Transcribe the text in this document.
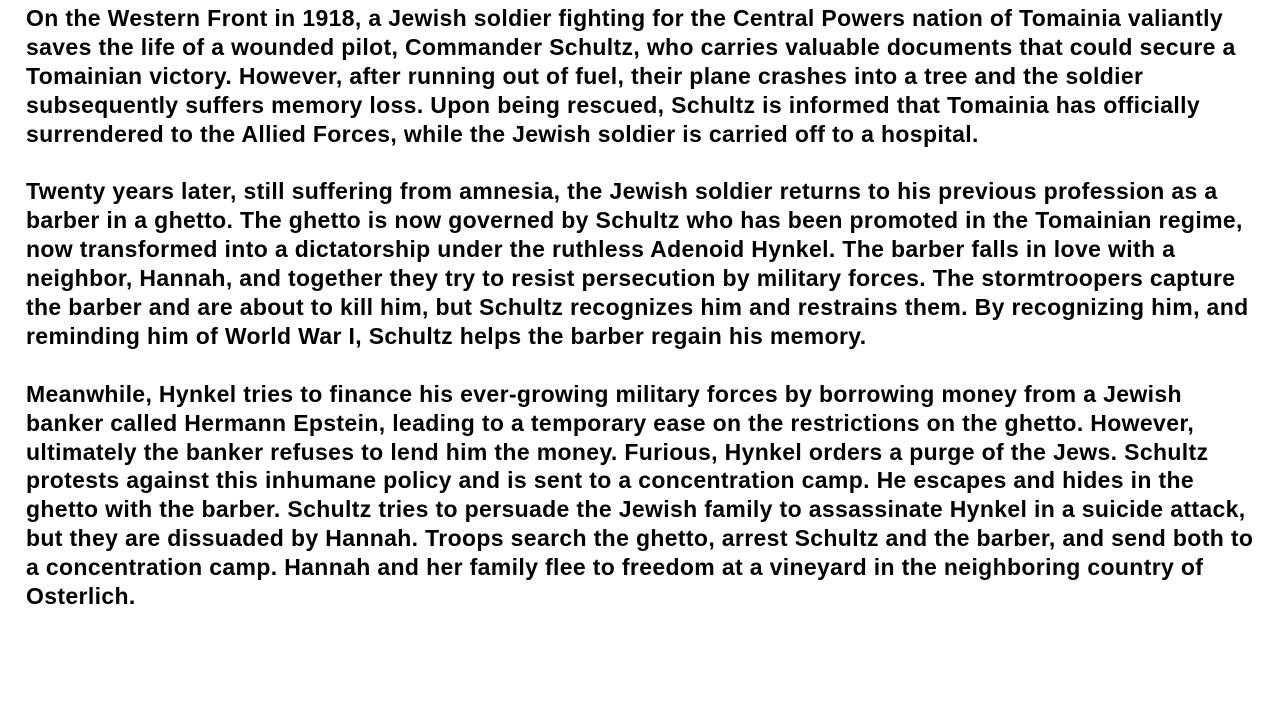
On the Western Front in 1918, a Jewish soldier fighting for the Central Powers nation of Tomainia valiantly saves the life of a wounded pilot, Commander Schultz, who carries valuable documents that could secure a Tomainian victory. However, after running out of fuel, their plane crashes into a tree and the soldier subsequently suffers memory loss. Upon being rescued, Schultz is informed that Tomainia has officially surrendered to the Allied Forces, while the Jewish soldier is carried off to a hospital.

Twenty years later, still suffering from amnesia, the Jewish soldier returns to his previous profession as a barber in a ghetto. The ghetto is now governed by Schultz who has been promoted in the Tomainian regime, now transformed into a dictatorship under the ruthless Adenoid Hynkel. The barber falls in love with a neighbor, Hannah, and together they try to resist persecution by military forces. The stormtroopers capture the barber and are about to kill him, but Schultz recognizes him and restrains them. By recognizing him, and reminding him of World War I, Schultz helps the barber regain his memory.

Meanwhile, Hynkel tries to finance his ever-growing military forces by borrowing money from a Jewish banker called Hermann Epstein, leading to a temporary ease on the restrictions on the ghetto. However, ultimately the banker refuses to lend him the money. Furious, Hynkel orders a purge of the Jews. Schultz protests against this inhumane policy and is sent to a concentration camp. He escapes and hides in the ghetto with the barber. Schultz tries to persuade the Jewish family to assassinate Hynkel in a suicide attack, but they are dissuaded by Hannah. Troops search the ghetto, arrest Schultz and the barber, and send both to a concentration camp. Hannah and her family flee to freedom at a vineyard in the neighboring country of Osterlich.
